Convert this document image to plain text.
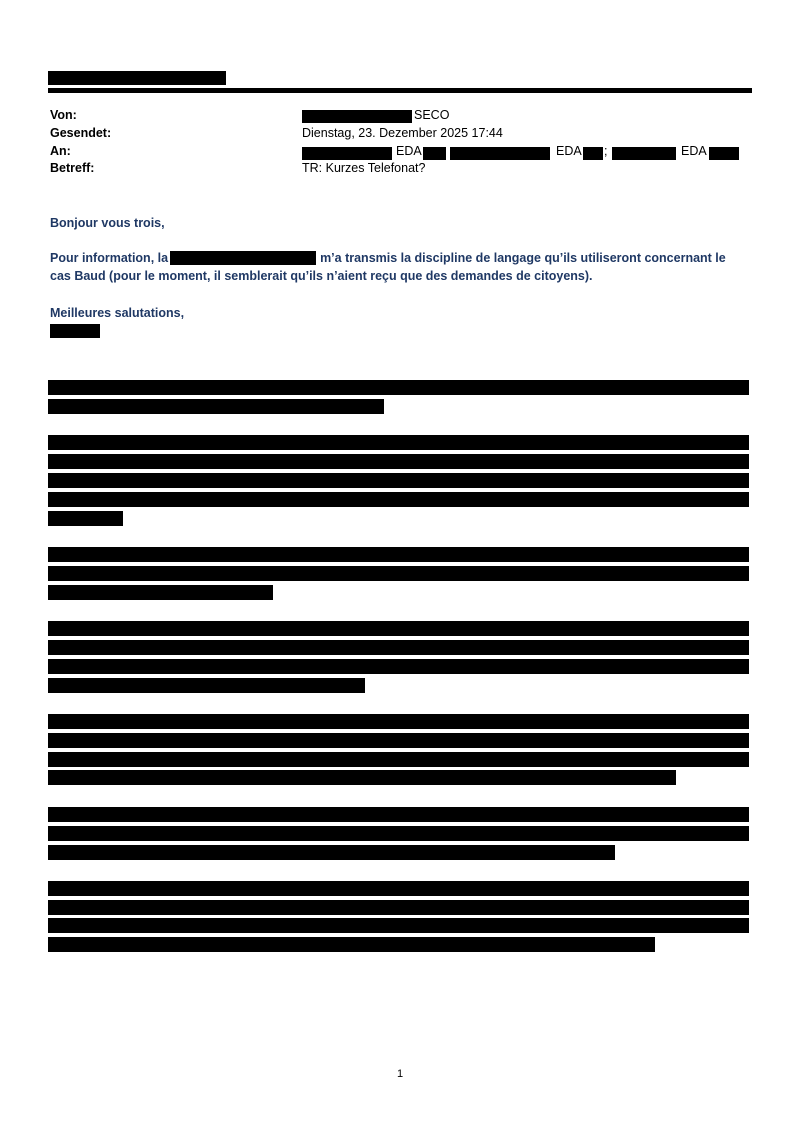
Von:	SECO
Gesendet:	Dienstag, 23. Dezember 2025 17:44
An:	EDA	EDA ;	EDA
Betreff:	TR: Kurzes Telefonat?
Bonjour vous trois,
Pour information, la	m’a transmis la discipline de langage qu’ils utiliseront concernant le
cas Baud (pour le moment, il semblerait qu’ils n’aient reçu que des demandes de citoyens).
Meilleures salutations,
1
